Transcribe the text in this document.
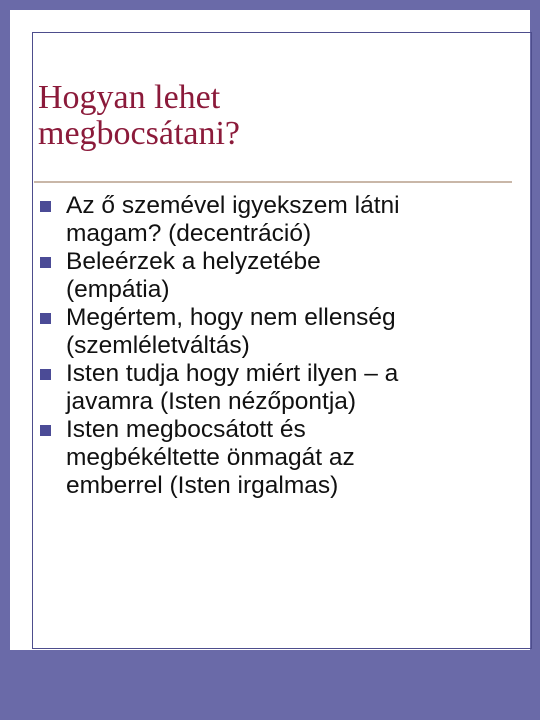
Hogyan lehet
megbocsátani?
Az ő szemével igyekszem látni
magam? (decentráció)
Beleérzek a helyzetébe
(empátia)
Megértem, hogy nem ellenség
(szemléletváltás)
Isten tudja hogy miért ilyen – a
javamra (Isten nézőpontja)
Isten megbocsátott és
megbékéltette önmagát az
emberrel (Isten irgalmas)
